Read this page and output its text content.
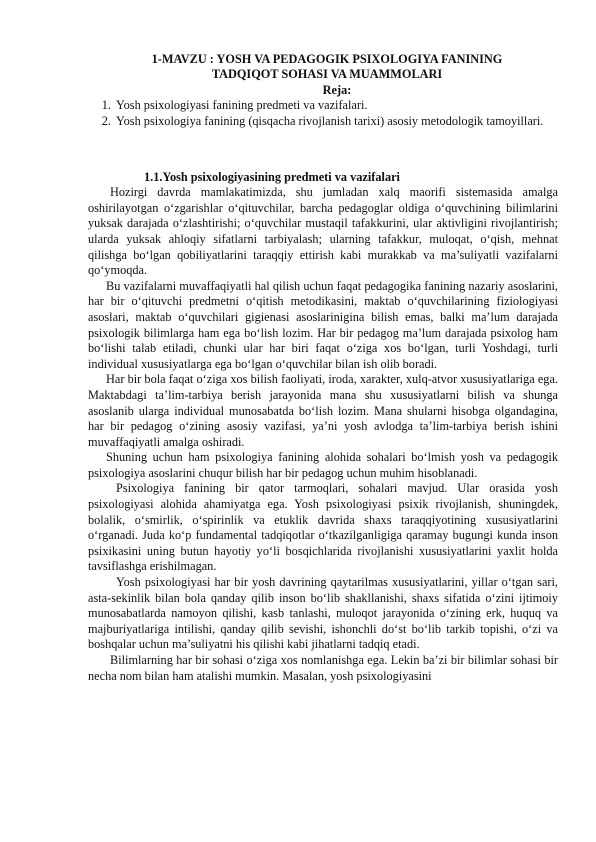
1-MAVZU : YOSH VA PEDAGOGIK PSIXOLOGIYA FANINING
TADQIQOT SOHASI VA MUAMMOLARI

Reja:

1. Yosh psixologiyasi fanining predmeti va vazifalari.
2. Yosh psixologiya fanining (qisqacha rivojlanish tarixi) asosiy metodologik tamoyillari.

1.1.Yosh psixologiyasining predmeti va vazifalari

Hozirgi davrda mamlakatimizda, shu jumladan xalq maorifi sistemasida amalga oshirilayotgan o‘zgarishlar o‘qituvchilar, barcha pedagoglar oldiga o‘quvchining bilimlarini yuksak darajada o‘zlashtirishi; o‘quvchilar mustaqil tafakkurini, ular aktivligini rivojlantirish; ularda yuksak ahloqiy sifatlarni tarbiyalash; ularning tafakkur, muloqat, o‘qish, mehnat qilishga bo‘lgan qobiliyatlarini taraqqiy ettirish kabi murakkab va ma’suliyatli vazifalarni qo‘ymoqda.

Bu vazifalarni muvaffaqiyatli hal qilish uchun faqat pedagogika fanining nazariy asoslarini, har bir o‘qituvchi predmetni o‘qitish metodikasini, maktab o‘quvchilarining fiziologiyasi asoslari, maktab o‘quvchilari gigienasi asoslarinigina bilish emas, balki ma’lum darajada psixologik bilimlarga ham ega bo‘lish lozim. Har bir pedagog ma’lum darajada psixolog ham bo‘lishi talab etiladi, chunki ular har biri faqat o‘ziga xos bo‘lgan, turli Yoshdagi, turli individual xususiyatlarga ega bo‘lgan o‘quvchilar bilan ish olib boradi.

Har bir bola faqat o‘ziga xos bilish faoliyati, iroda, xarakter, xulq-atvor xususiyatlariga ega. Maktabdagi ta’lim-tarbiya berish jarayonida mana shu xususiyatlarni bilish va shunga asoslanib ularga individual munosabatda bo‘lish lozim. Mana shularni hisobga olgandagina, har bir pedagog o‘zining asosiy vazifasi, ya’ni yosh avlodga ta’lim-tarbiya berish ishini muvaffaqiyatli amalga oshiradi.

Shuning uchun ham psixologiya fanining alohida sohalari bo‘lmish yosh va pedagogik psixologiya asoslarini chuqur bilish har bir pedagog uchun muhim hisoblanadi.

Psixologiya fanining bir qator tarmoqlari, sohalari mavjud. Ular orasida yosh psixologiyasi alohida ahamiyatga ega. Yosh psixologiyasi psixik rivojlanish, shuningdek, bolalik, o‘smirlik, o‘spirinlik va etuklik davrida shaxs taraqqiyotining xususiyatlarini o‘rganadi. Juda ko‘p fundamental tadqiqotlar o‘tkazilganligiga qaramay bugungi kunda inson psixikasini uning butun hayotiy yo‘li bosqichlarida rivojlanishi xususiyatlarini yaxlit holda tavsiflashga erishilmagan.

Yosh psixologiyasi har bir yosh davrining qaytarilmas xususiyatlarini, yillar o‘tgan sari, asta-sekinlik bilan bola qanday qilib inson bo‘lib shakllanishi, shaxs sifatida o‘zini ijtimoiy munosabatlarda namoyon qilishi, kasb tanlashi, muloqot jarayonida o‘zining erk, huquq va majburiyatlariga intilishi, qanday qilib sevishi, ishonchli do‘st bo‘lib tarkib topishi, o‘zi va boshqalar uchun ma’suliyatni his qilishi kabi jihatlarni tadqiq etadi.

Bilimlarning har bir sohasi o‘ziga xos nomlanishga ega. Lekin ba’zi bir bilimlar sohasi bir necha nom bilan ham atalishi mumkin. Masalan, yosh psixologiyasini
